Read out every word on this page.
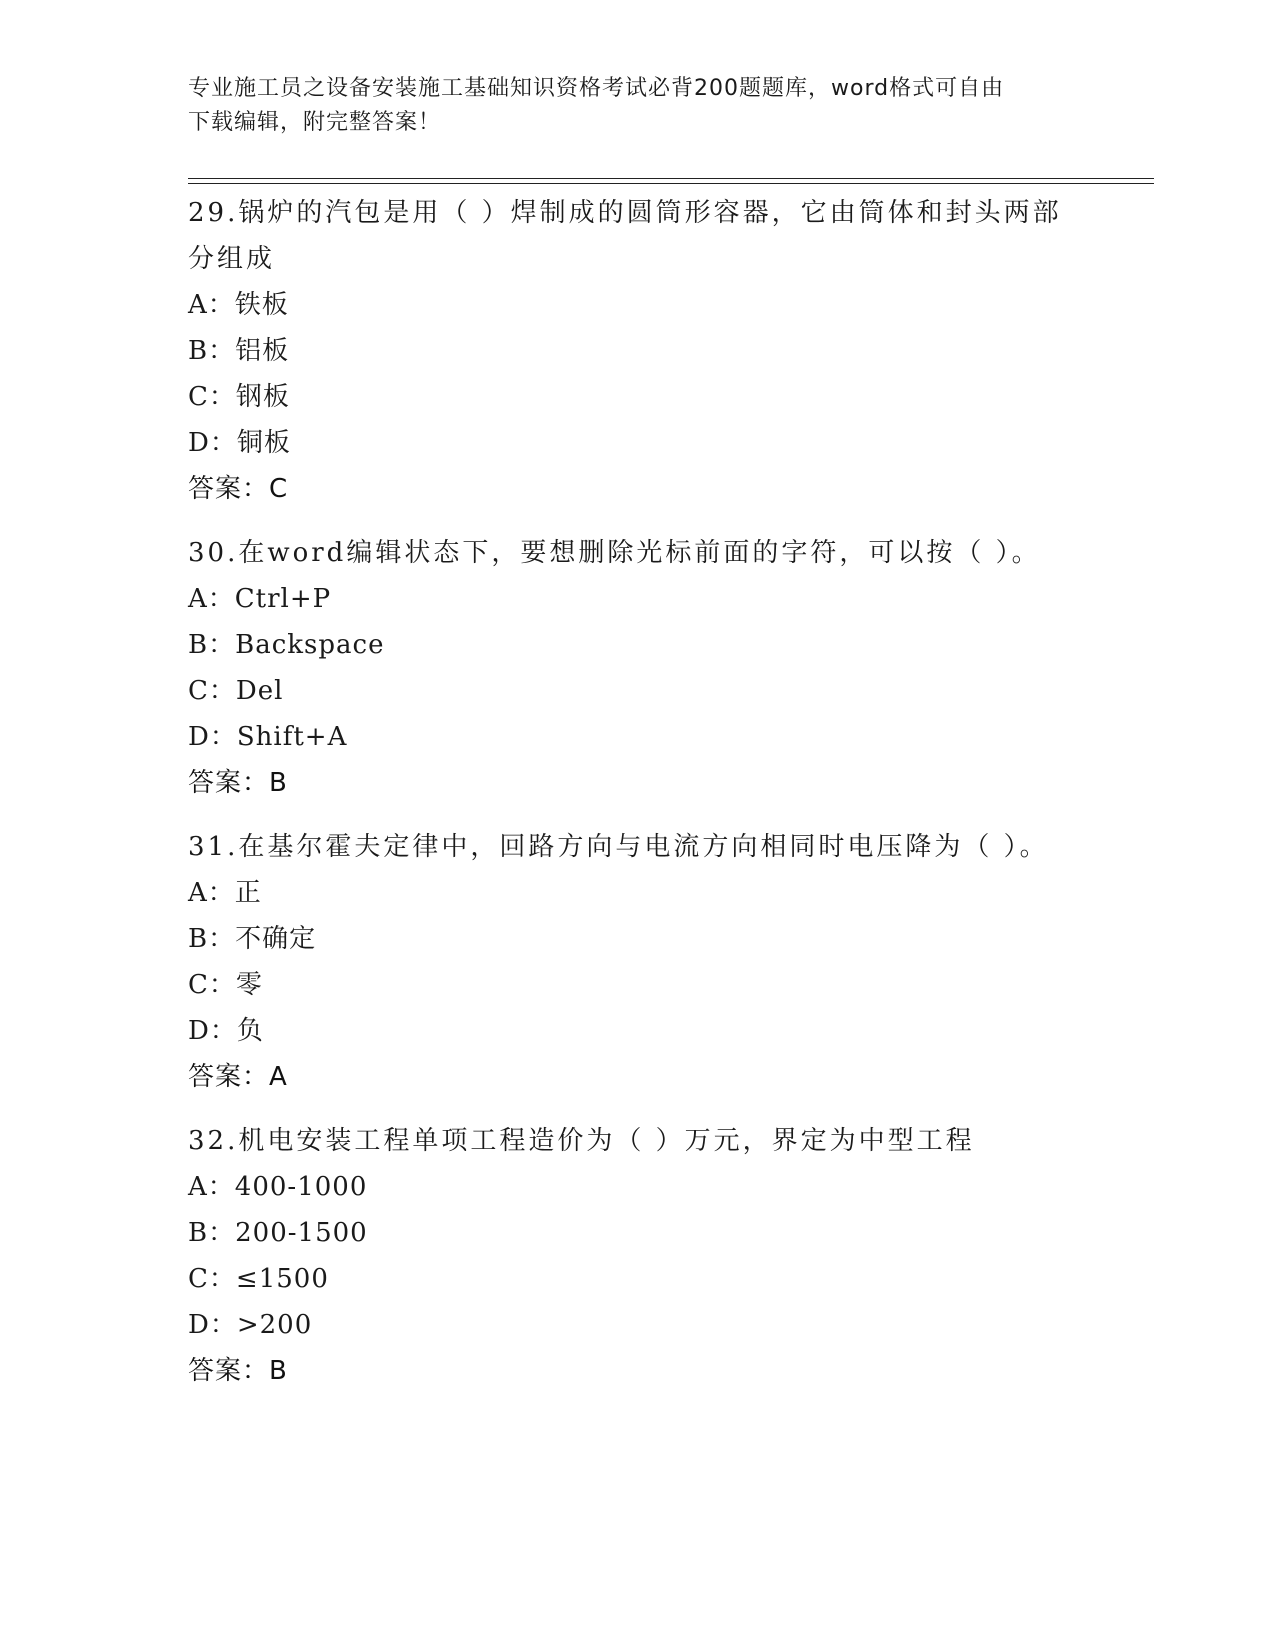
专业施工员之设备安装施工基础知识资格考试必背200题题库，word格式可自由
下载编辑，附完整答案！
29.锅炉的汽包是用（ ）焊制成的圆筒形容器，它由筒体和封头两部
分组成
A：铁板
B：铝板
C：钢板
D：铜板
答案：C
30.在word编辑状态下，要想删除光标前面的字符，可以按（ ）。
A：Ctrl+P
B：Backspace
C：Del
D：Shift+A
答案：B
31.在基尔霍夫定律中，回路方向与电流方向相同时电压降为（ ）。
A：正
B：不确定
C：零
D：负
答案：A
32.机电安装工程单项工程造价为（ ）万元，界定为中型工程
A：400-1000
B：200-1500
C：≤1500
D：>200
答案：B
